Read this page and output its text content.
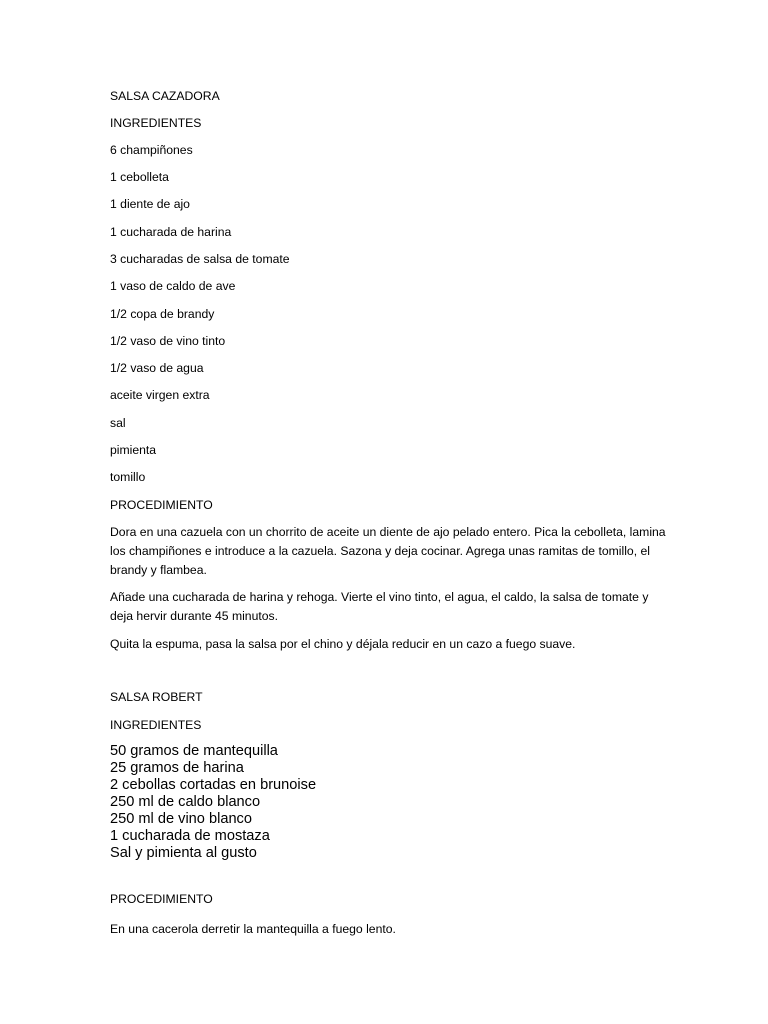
SALSA CAZADORA
INGREDIENTES
6 champiñones
1 cebolleta
1 diente de ajo
1 cucharada de harina
3 cucharadas de salsa de tomate
1 vaso de caldo de ave
1/2 copa de brandy
1/2 vaso de vino tinto
1/2 vaso de agua
aceite virgen extra
sal
pimienta
tomillo
PROCEDIMIENTO

Dora en una cazuela con un chorrito de aceite un diente de ajo pelado entero. Pica la cebolleta, lamina los champiñones e introduce a la cazuela. Sazona y deja cocinar. Agrega unas ramitas de tomillo, el brandy y flambea.

Añade una cucharada de harina y rehoga. Vierte el vino tinto, el agua, el caldo, la salsa de tomate y deja hervir durante 45 minutos.

Quita la espuma, pasa la salsa por el chino y déjala reducir en un cazo a fuego suave.

SALSA ROBERT
INGREDIENTES
50 gramos de mantequilla
25 gramos de harina
2 cebollas cortadas en brunoise
250 ml de caldo blanco
250 ml de vino blanco
1 cucharada de mostaza
Sal y pimienta al gusto
PROCEDIMIENTO

En una cacerola derretir la mantequilla a fuego lento.
